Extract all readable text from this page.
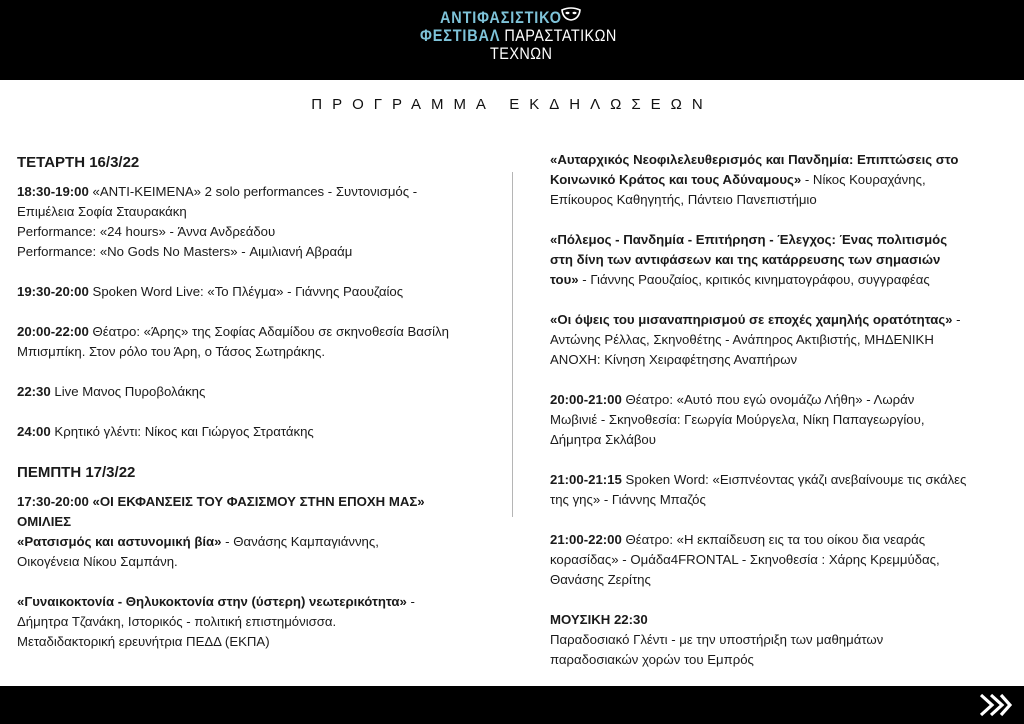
ΑΝΤΙΦΑΣΙΣΤΙΚΟ
ΦΕΣΤΙΒΑΛ ΠΑΡΑΣΤΑΤΙΚΩΝ
ΤΕΧΝΩΝ
ΠΡΟΓΡΑΜΜΑ ΕΚΔΗΛΩΣΕΩΝ
ΤΕΤΑΡΤΗ 16/3/22
18:30-19:00 «ANTI-ΚΕΙΜΕΝΑ» 2 solo performances - Συντονισμός -
Επιμέλεια Σοφία Σταυρακάκη
Performance: «24 hours» - Άννα Ανδρεάδου
Performance: «No Gods No Masters» - Αιμιλιανή Αβραάμ
19:30-20:00 Spoken Word Live: «Το Πλέγμα» - Γιάννης Ραουζαίος
20:00-22:00 Θέατρο: «Άρης» της Σοφίας Αδαμίδου σε σκηνοθεσία Βασίλη
Μπισμπίκη. Στον ρόλο του Άρη, ο Τάσος Σωτηράκης.
22:30 Live Μανος Πυροβολάκης
24:00 Κρητικό γλέντι: Νίκος και Γιώργος Στρατάκης
ΠΕΜΠΤΗ 17/3/22
17:30-20:00 «ΟΙ ΕΚΦΑΝΣΕΙΣ ΤΟΥ ΦΑΣΙΣΜΟΥ ΣΤΗΝ ΕΠΟΧΗ ΜΑΣ»
ΟΜΙΛΙΕΣ
«Ρατσισμός και αστυνομική βία» - Θανάσης Καμπαγιάννης,
Οικογένεια Νίκου Σαμπάνη.
«Γυναικοκτονία - Θηλυκοκτονία στην (ύστερη) νεωτερικότητα» -
Δήμητρα Τζανάκη, Ιστορικός - πολιτική επιστημόνισσα.
Μεταδιδακτορική ερευνήτρια ΠΕΔΔ (ΕΚΠΑ)
«Αυταρχικός Νεοφιλελευθερισμός και Πανδημία: Επιπτώσεις στο
Κοινωνικό Κράτος και τους Αδύναμους» - Νίκος Κουραχάνης,
Επίκουρος Καθηγητής, Πάντειο Πανεπιστήμιο
«Πόλεμος - Πανδημία - Επιτήρηση - Έλεγχος: Ένας πολιτισμός
στη δίνη των αντιφάσεων και της κατάρρευσης των σημασιών
του» - Γιάννης Ραουζαίος, κριτικός κινηματογράφου, συγγραφέας
«Οι όψεις του μισαναπηρισμού σε εποχές χαμηλής ορατότητας» -
Αντώνης Ρέλλας, Σκηνοθέτης - Ανάπηρος Ακτιβιστής, ΜΗΔΕΝΙΚΗ
ΑΝΟΧΗ: Κίνηση Χειραφέτησης Αναπήρων
20:00-21:00 Θέατρο: «Αυτό που εγώ ονομάζω Λήθη» - Λωράν
Μωβινιέ - Σκηνοθεσία: Γεωργία Μούργελα, Νίκη Παπαγεωργίου,
Δήμητρα Σκλάβου
21:00-21:15 Spoken Word: «Εισπνέοντας γκάζι ανεβαίνουμε τις σκάλες
της γης» - Γιάννης Μπαζός
21:00-22:00 Θέατρο: «Η εκπαίδευση εις τα του οίκου δια νεαράς
κορασίδας» - Ομάδα4FRONTAL - Σκηνοθεσία : Χάρης Κρεμμύδας,
Θανάσης Ζερίτης
ΜΟΥΣΙΚΗ 22:30
Παραδοσιακό Γλέντι - με την υποστήριξη των μαθημάτων
παραδοσιακών χορών του Εμπρός
